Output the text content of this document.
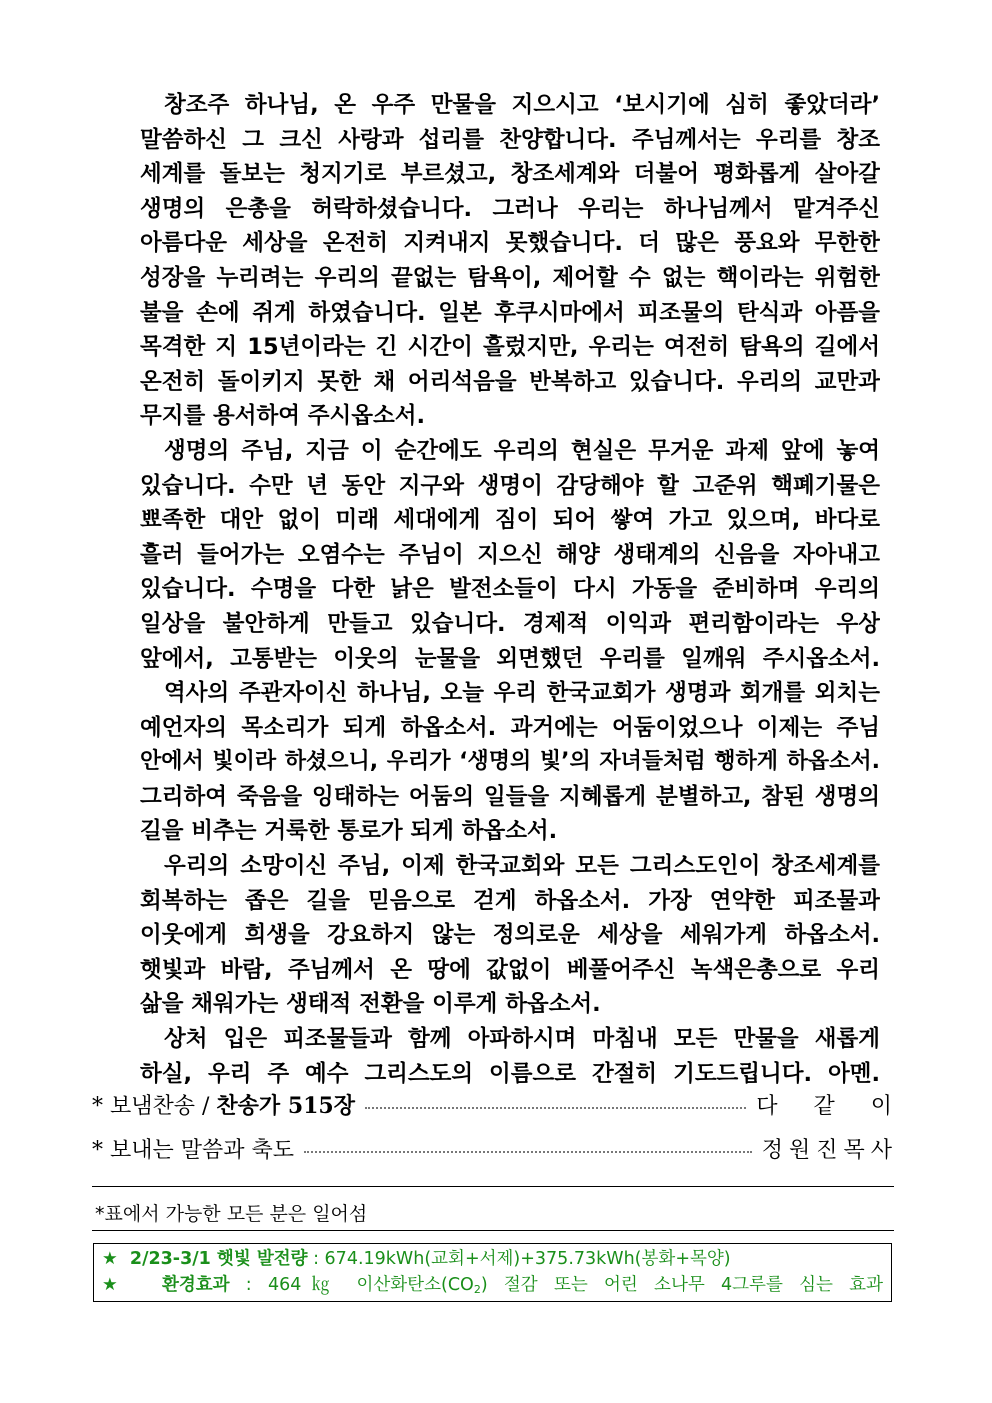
창조주 하나님, 온 우주 만물을 지으시고 ‘보시기에 심히 좋았더라’
말씀하신 그 크신 사랑과 섭리를 찬양합니다. 주님께서는 우리를 창조
세계를 돌보는 청지기로 부르셨고, 창조세계와 더불어 평화롭게 살아갈
생명의 은총을 허락하셨습니다. 그러나 우리는 하나님께서 맡겨주신
아름다운 세상을 온전히 지켜내지 못했습니다. 더 많은 풍요와 무한한
성장을 누리려는 우리의 끝없는 탐욕이, 제어할 수 없는 핵이라는 위험한
불을 손에 쥐게 하였습니다. 일본 후쿠시마에서 피조물의 탄식과 아픔을
목격한 지 15년이라는 긴 시간이 흘렀지만, 우리는 여전히 탐욕의 길에서
온전히 돌이키지 못한 채 어리석음을 반복하고 있습니다. 우리의 교만과
무지를 용서하여 주시옵소서.
생명의 주님, 지금 이 순간에도 우리의 현실은 무거운 과제 앞에 놓여
있습니다. 수만 년 동안 지구와 생명이 감당해야 할 고준위 핵폐기물은
뾰족한 대안 없이 미래 세대에게 짐이 되어 쌓여 가고 있으며, 바다로
흘러 들어가는 오염수는 주님이 지으신 해양 생태계의 신음을 자아내고
있습니다. 수명을 다한 낡은 발전소들이 다시 가동을 준비하며 우리의
일상을 불안하게 만들고 있습니다. 경제적 이익과 편리함이라는 우상
앞에서, 고통받는 이웃의 눈물을 외면했던 우리를 일깨워 주시옵소서.
역사의 주관자이신 하나님, 오늘 우리 한국교회가 생명과 회개를 외치는
예언자의 목소리가 되게 하옵소서. 과거에는 어둠이었으나 이제는 주님
안에서 빛이라 하셨으니, 우리가 ‘생명의 빛’의 자녀들처럼 행하게 하옵소서.
그리하여 죽음을 잉태하는 어둠의 일들을 지혜롭게 분별하고, 참된 생명의
길을 비추는 거룩한 통로가 되게 하옵소서.
우리의 소망이신 주님, 이제 한국교회와 모든 그리스도인이 창조세계를
회복하는 좁은 길을 믿음으로 걷게 하옵소서. 가장 연약한 피조물과
이웃에게 희생을 강요하지 않는 정의로운 세상을 세워가게 하옵소서.
햇빛과 바람, 주님께서 온 땅에 값없이 베풀어주신 녹색은총으로 우리
삶을 채워가는 생태적 전환을 이루게 하옵소서.
상처 입은 피조물들과 함께 아파하시며 마침내 모든 만물을 새롭게
하실, 우리 주 예수 그리스도의 이름으로 간절히 기도드립니다. 아멘.
* 보냄찬송 / 찬송가 515장	다같이
* 보내는 말씀과 축도	정원진목사
*표에서 가능한 모든 분은 일어섬
★ 2/23-3/1 햇빛 발전량 : 674.19kWh(교회+서제)+375.73kWh(봉화+목양)
★ 환경효과 : 464㎏ 이산화탄소$(CO_2)$ 절감 또는 어린 소나무 4그루를 심는 효과
